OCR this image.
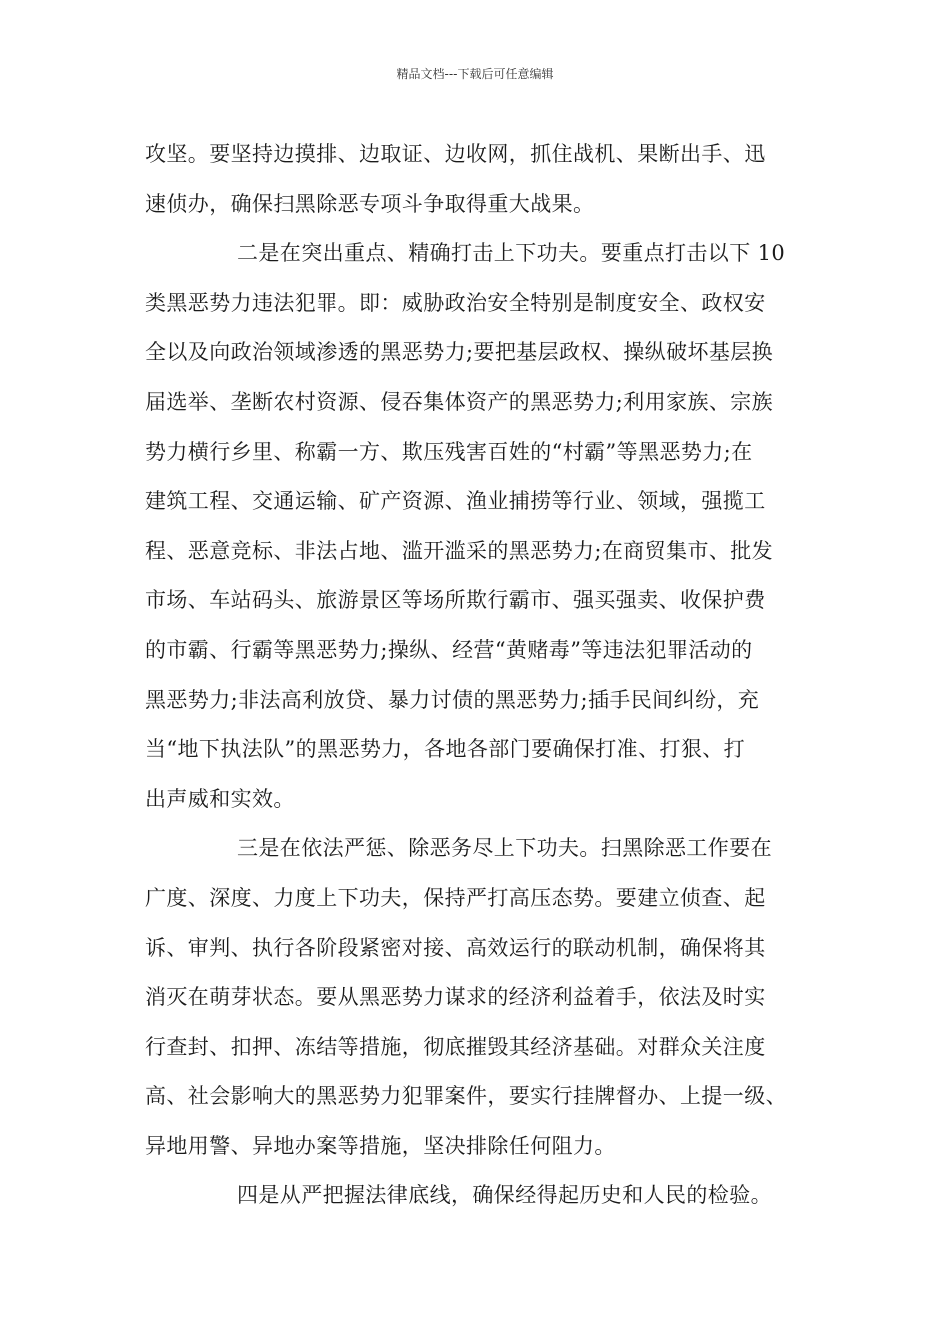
精品文档---下载后可任意编辑
攻坚。要坚持边摸排、边取证、边收网，抓住战机、果断出手、迅
速侦办，确保扫黑除恶专项斗争取得重大战果。
二是在突出重点、精确打击上下功夫。要重点打击以下 10
类黑恶势力违法犯罪。即：威胁政治安全特别是制度安全、政权安
全以及向政治领域渗透的黑恶势力;要把基层政权、操纵破坏基层换
届选举、垄断农村资源、侵吞集体资产的黑恶势力;利用家族、宗族
势力横行乡里、称霸一方、欺压残害百姓的“村霸”等黑恶势力;在
建筑工程、交通运输、矿产资源、渔业捕捞等行业、领域，强揽工
程、恶意竞标、非法占地、滥开滥采的黑恶势力;在商贸集市、批发
市场、车站码头、旅游景区等场所欺行霸市、强买强卖、收保护费
的市霸、行霸等黑恶势力;操纵、经营“黄赌毒”等违法犯罪活动的
黑恶势力;非法高利放贷、暴力讨债的黑恶势力;插手民间纠纷，充
当“地下执法队”的黑恶势力，各地各部门要确保打准、打狠、打
出声威和实效。
三是在依法严惩、除恶务尽上下功夫。扫黑除恶工作要在
广度、深度、力度上下功夫，保持严打高压态势。要建立侦查、起
诉、审判、执行各阶段紧密对接、高效运行的联动机制，确保将其
消灭在萌芽状态。要从黑恶势力谋求的经济利益着手，依法及时实
行查封、扣押、冻结等措施，彻底摧毁其经济基础。对群众关注度
高、社会影响大的黑恶势力犯罪案件，要实行挂牌督办、上提一级、
异地用警、异地办案等措施，坚决排除任何阻力。
四是从严把握法律底线，确保经得起历史和人民的检验。
